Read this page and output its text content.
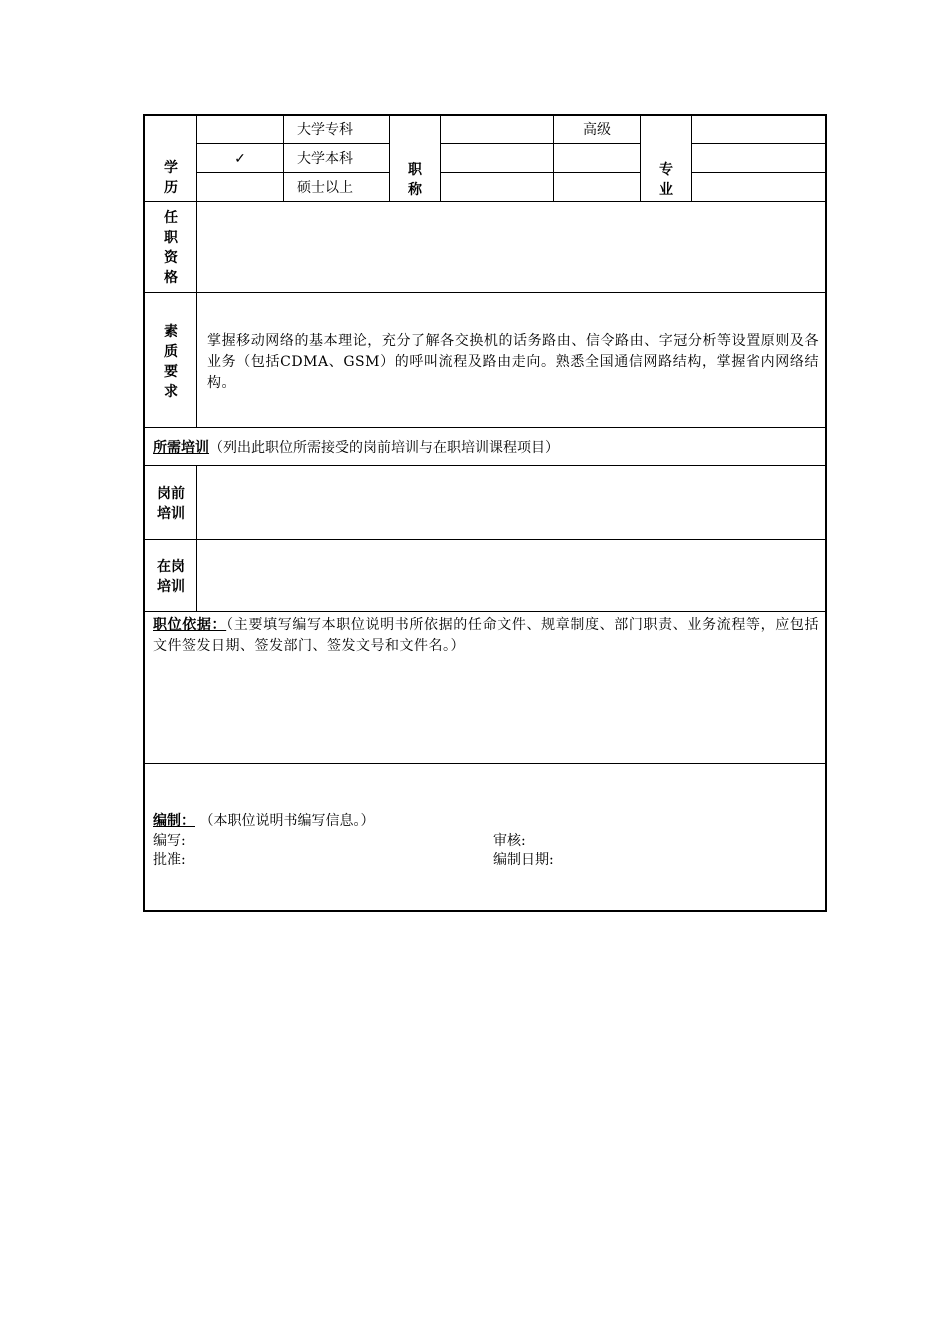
学
历
✓
大学专科
大学本科
硕士以上
职
称
高级
专
业
任
职
资
格
素
质
要
求
掌握移动网络的基本理论，充分了解各交换机的话务路由、信令路由、字冠分析等设置原则及各业务（包括CDMA、GSM）的呼叫流程及路由走向。熟悉全国通信网路结构，掌握省内网络结构。
所需培训（列出此职位所需接受的岗前培训与在职培训课程项目）
岗前
培训
在岗
培训
职位依据：（主要填写编写本职位说明书所依据的任命文件、规章制度、部门职责、业务流程等，应包括文件签发日期、签发部门、签发文号和文件名。）
编制： （本职位说明书编写信息。）
编写:	审核:
批准:	编制日期:
